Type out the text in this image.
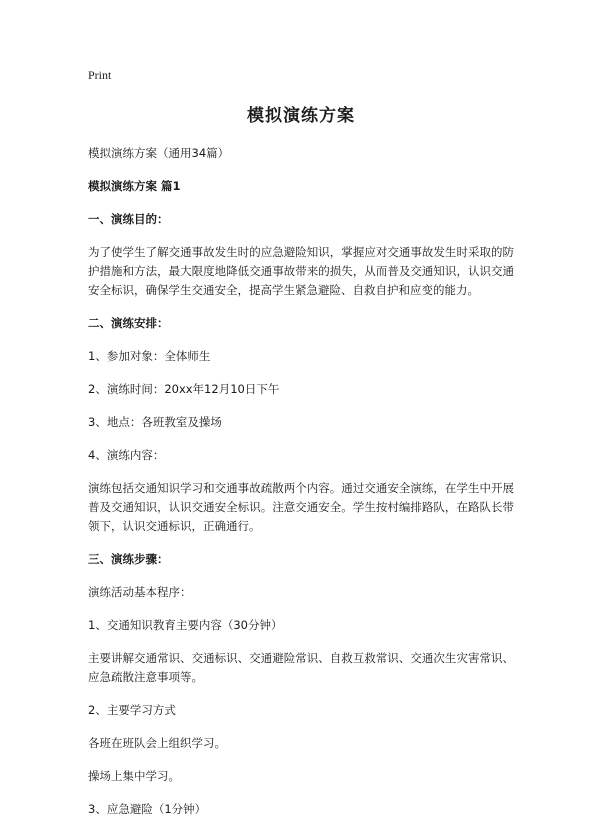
Print

模拟演练方案

模拟演练方案（通用34篇）

模拟演练方案 篇1

一、演练目的：

为了使学生了解交通事故发生时的应急避险知识，掌握应对交通事故发生时采取的防护措施和方法，最大限度地降低交通事故带来的损失，从而普及交通知识，认识交通安全标识，确保学生交通安全，提高学生紧急避险、自救自护和应变的能力。

二、演练安排：

1、参加对象：全体师生

2、演练时间：20xx年12月10日下午

3、地点：各班教室及操场

4、演练内容：

演练包括交通知识学习和交通事故疏散两个内容。通过交通安全演练，在学生中开展普及交通知识，认识交通安全标识。注意交通安全。学生按村编排路队，在路队长带领下，认识交通标识，正确通行。

三、演练步骤：

演练活动基本程序：

1、交通知识教育主要内容（30分钟）

主要讲解交通常识、交通标识、交通避险常识、自救互救常识、交通次生灾害常识、应急疏散注意事项等。

2、主要学习方式

各班在班队会上组织学习。

操场上集中学习。

3、应急避险（1分钟）
